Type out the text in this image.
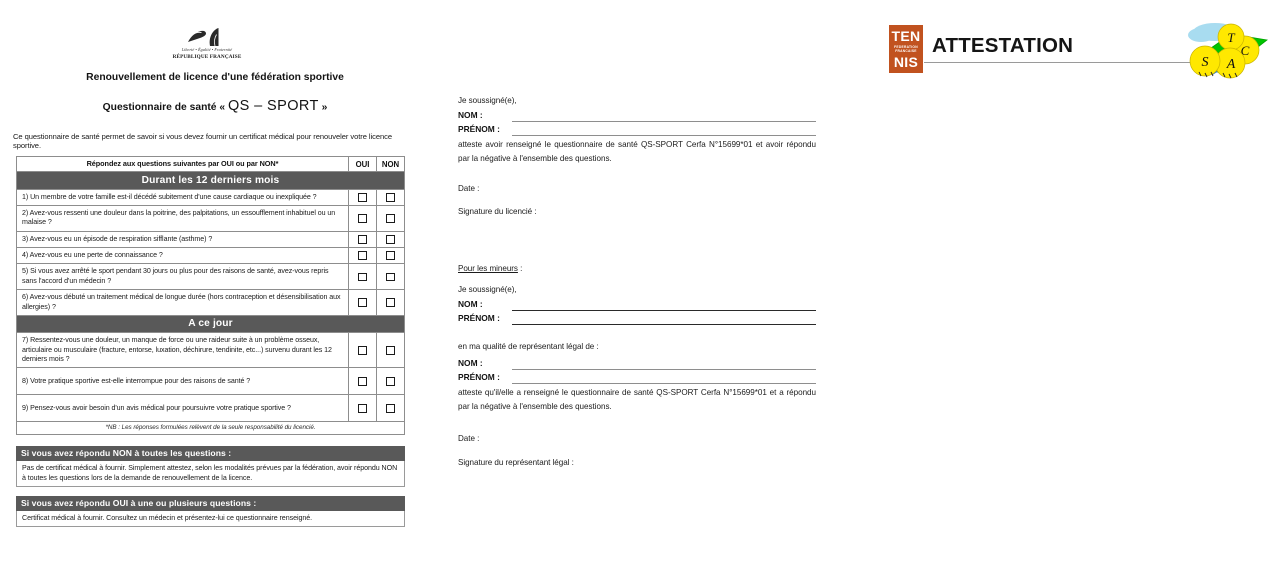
Liberté • Égalité • Fraternité
RÉPUBLIQUE FRANÇAISE
Renouvellement de licence d'une fédération sportive
Questionnaire de santé « QS – SPORT »
Ce questionnaire de santé permet de savoir si vous devez fournir un certificat médical pour renouveler votre licence sportive.
Répondez aux questions suivantes par OUI ou par NON*	OUI	NON
Durant les 12 derniers mois
1) Un membre de votre famille est-il décédé subitement d'une cause cardiaque ou inexpliquée ?
2) Avez-vous ressenti une douleur dans la poitrine, des palpitations, un essoufflement inhabituel ou un malaise ?
3) Avez-vous eu un épisode de respiration sifflante (asthme) ?
4) Avez-vous eu une perte de connaissance ?
5) Si vous avez arrêté le sport pendant 30 jours ou plus pour des raisons de santé, avez-vous repris sans l'accord d'un médecin ?
6) Avez-vous débuté un traitement médical de longue durée (hors contraception et désensibilisation aux allergies) ?
A ce jour
7) Ressentez-vous une douleur, un manque de force ou une raideur suite à un problème osseux, articulaire ou musculaire (fracture, entorse, luxation, déchirure, tendinite, etc...) survenu durant les 12 derniers mois ?
8) Votre pratique sportive est-elle interrompue pour des raisons de santé ?
9) Pensez-vous avoir besoin d'un avis médical pour poursuivre votre pratique sportive ?
*NB : Les réponses formulées relèvent de la seule responsabilité du licencié.
Si vous avez répondu NON à toutes les questions :
Pas de certificat médical à fournir. Simplement attestez, selon les modalités prévues par la fédération, avoir répondu NON à toutes les questions lors de la demande de renouvellement de la licence.
Si vous avez répondu OUI à une ou plusieurs questions :
Certificat médical à fournir. Consultez un médecin et présentez-lui ce questionnaire renseigné.
TEN
FEDERATION
FRANCAISE
NIS
ATTESTATION	C
T
A
S
Je soussigné(e),
NOM :
PRÉNOM :
atteste avoir renseigné le questionnaire de santé QS-SPORT Cerfa N°15699*01 et avoir répondu par la négative à l'ensemble des questions.
Date :
Signature du licencié :
Pour les mineurs :
Je soussigné(e),
NOM :
PRÉNOM :
en ma qualité de représentant légal de :
NOM :
PRÉNOM :
atteste qu'il/elle a renseigné le questionnaire de santé QS-SPORT Cerfa N°15699*01 et a répondu par la négative à l'ensemble des questions.
Date :
Signature du représentant légal :
